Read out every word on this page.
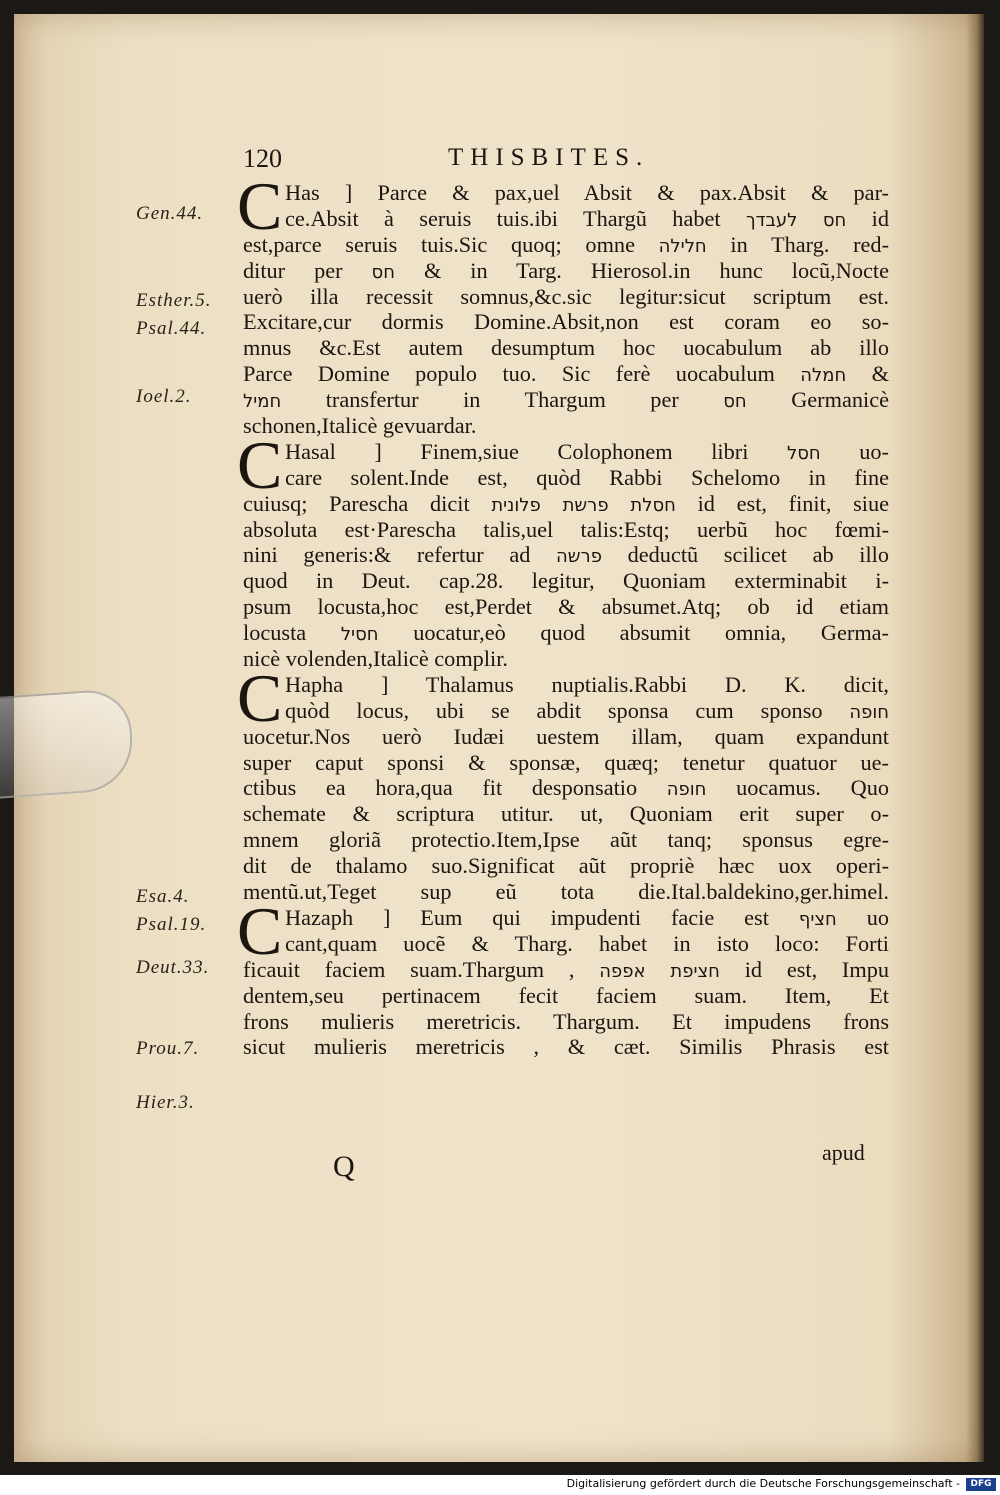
120	THISBITES.
Gen.44.
Esther.5.
Psal.44.
Ioel.2.
Esa.4.
Psal.19.
Deut.33.
Prou.7.
Hier.3.
C Has ] Parce & pax,uel Absit & pax.Absit & par-
ce.Absit à seruis tuis.ibi Thargũ habet חס לעבדך id
est,parce seruis tuis.Sic quoq; omne חלילה in Tharg. red-
ditur per חס & in Targ. Hierosol.in hunc locũ,Nocte
uerò illa recessit somnus,&c.sic legitur:sicut scriptum est.
Excitare,cur dormis Domine.Absit,non est coram eo so-
mnus &c.Est autem desumptum hoc uocabulum ab illo
Parce Domine populo tuo. Sic ferè uocabulum חמלה &
חמיל transfertur in Thargum per חס Germanicè
schonen,Italicè gevuardar.
C Hasal ] Finem,siue Colophonem libri חסל uo-
care solent.Inde est, quòd Rabbi Schelomo in fine
cuiusq; Parescha dicit חסלת פרשת פלונית id est, finit, siue
absoluta est·Parescha talis,uel talis:Estq; uerbũ hoc fœmi-
nini generis:& refertur ad פרשה deductũ scilicet ab illo
quod in Deut. cap.28. legitur, Quoniam exterminabit i-
psum locusta,hoc est,Perdet & absumet.Atq; ob id etiam
locusta חסיל uocatur,eò quod absumit omnia, Germa-
nicè volenden,Italicè complir.
C Hapha ] Thalamus nuptialis.Rabbi D. K. dicit,
quòd locus, ubi se abdit sponsa cum sponso חופה
uocetur.Nos uerò Iudæi uestem illam, quam expandunt
super caput sponsi & sponsæ, quæq; tenetur quatuor ue-
ctibus ea hora,qua fit desponsatio חופה uocamus. Quo
schemate & scriptura utitur. ut, Quoniam erit super o-
mnem gloriã protectio.Item,Ipse aũt tanq; sponsus egre-
dit de thalamo suo.Significat aũt propriè hæc uox operi-
mentũ.ut,Teget sup eũ tota die.Ital.baldekino,ger.himel.
C Hazaph ] Eum qui impudenti facie est חציף uo
cant,quam uocẽ & Tharg. habet in isto loco: Forti
ficauit faciem suam.Thargum , חציפת אפפה id est, Impu
dentem,seu pertinacem fecit faciem suam. Item, Et
frons mulieris meretricis. Thargum. Et impudens frons
sicut mulieris meretricis , & cæt. Similis Phrasis est
Q	apud
Digitalisierung gefördert durch die Deutsche Forschungsgemeinschaft -	DFG
